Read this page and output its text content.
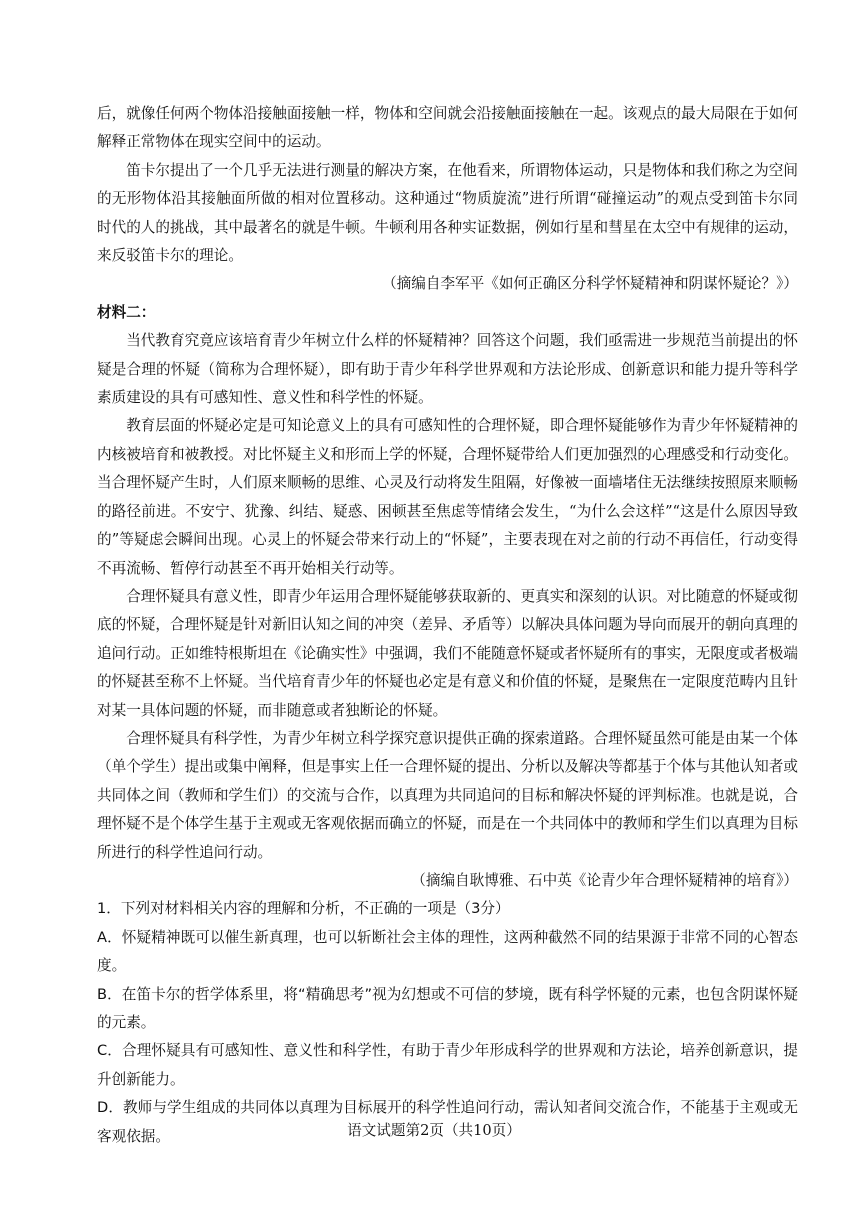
后，就像任何两个物体沿接触面接触一样，物体和空间就会沿接触面接触在一起。该观点的最大局限在于如何解释正常物体在现实空间中的运动。

笛卡尔提出了一个几乎无法进行测量的解决方案，在他看来，所谓物体运动，只是物体和我们称之为空间的无形物体沿其接触面所做的相对位置移动。这种通过“物质旋流”进行所谓“碰撞运动”的观点受到笛卡尔同时代的人的挑战，其中最著名的就是牛顿。牛顿利用各种实证数据，例如行星和彗星在太空中有规律的运动，来反驳笛卡尔的理论。

（摘编自李军平《如何正确区分科学怀疑精神和阴谋怀疑论？》）

材料二：

当代教育究竟应该培育青少年树立什么样的怀疑精神？回答这个问题，我们亟需进一步规范当前提出的怀疑是合理的怀疑（简称为合理怀疑），即有助于青少年科学世界观和方法论形成、创新意识和能力提升等科学素质建设的具有可感知性、意义性和科学性的怀疑。

教育层面的怀疑必定是可知论意义上的具有可感知性的合理怀疑，即合理怀疑能够作为青少年怀疑精神的内核被培育和被教授。对比怀疑主义和形而上学的怀疑，合理怀疑带给人们更加强烈的心理感受和行动变化。当合理怀疑产生时，人们原来顺畅的思维、心灵及行动将发生阻隔，好像被一面墙堵住无法继续按照原来顺畅的路径前进。不安宁、犹豫、纠结、疑惑、困顿甚至焦虑等情绪会发生，“为什么会这样”“这是什么原因导致的”等疑虑会瞬间出现。心灵上的怀疑会带来行动上的“怀疑”，主要表现在对之前的行动不再信任，行动变得不再流畅、暂停行动甚至不再开始相关行动等。

合理怀疑具有意义性，即青少年运用合理怀疑能够获取新的、更真实和深刻的认识。对比随意的怀疑或彻底的怀疑，合理怀疑是针对新旧认知之间的冲突（差异、矛盾等）以解决具体问题为导向而展开的朝向真理的追问行动。正如维特根斯坦在《论确实性》中强调，我们不能随意怀疑或者怀疑所有的事实，无限度或者极端的怀疑甚至称不上怀疑。当代培育青少年的怀疑也必定是有意义和价值的怀疑，是聚焦在一定限度范畴内且针对某一具体问题的怀疑，而非随意或者独断论的怀疑。

合理怀疑具有科学性，为青少年树立科学探究意识提供正确的探索道路。合理怀疑虽然可能是由某一个体（单个学生）提出或集中阐释，但是事实上任一合理怀疑的提出、分析以及解决等都基于个体与其他认知者或共同体之间（教师和学生们）的交流与合作，以真理为共同追问的目标和解决怀疑的评判标准。也就是说，合理怀疑不是个体学生基于主观或无客观依据而确立的怀疑，而是在一个共同体中的教师和学生们以真理为目标所进行的科学性追问行动。

（摘编自耿博雅、石中英《论青少年合理怀疑精神的培育》）

1．下列对材料相关内容的理解和分析，不正确的一项是（3分）

A．怀疑精神既可以催生新真理，也可以斩断社会主体的理性，这两种截然不同的结果源于非常不同的心智态度。

B．在笛卡尔的哲学体系里，将“精确思考”视为幻想或不可信的梦境，既有科学怀疑的元素，也包含阴谋怀疑的元素。

C．合理怀疑具有可感知性、意义性和科学性，有助于青少年形成科学的世界观和方法论，培养创新意识，提升创新能力。

D．教师与学生组成的共同体以真理为目标展开的科学性追问行动，需认知者间交流合作，不能基于主观或无客观依据。	语文试题第2页（共10页）
